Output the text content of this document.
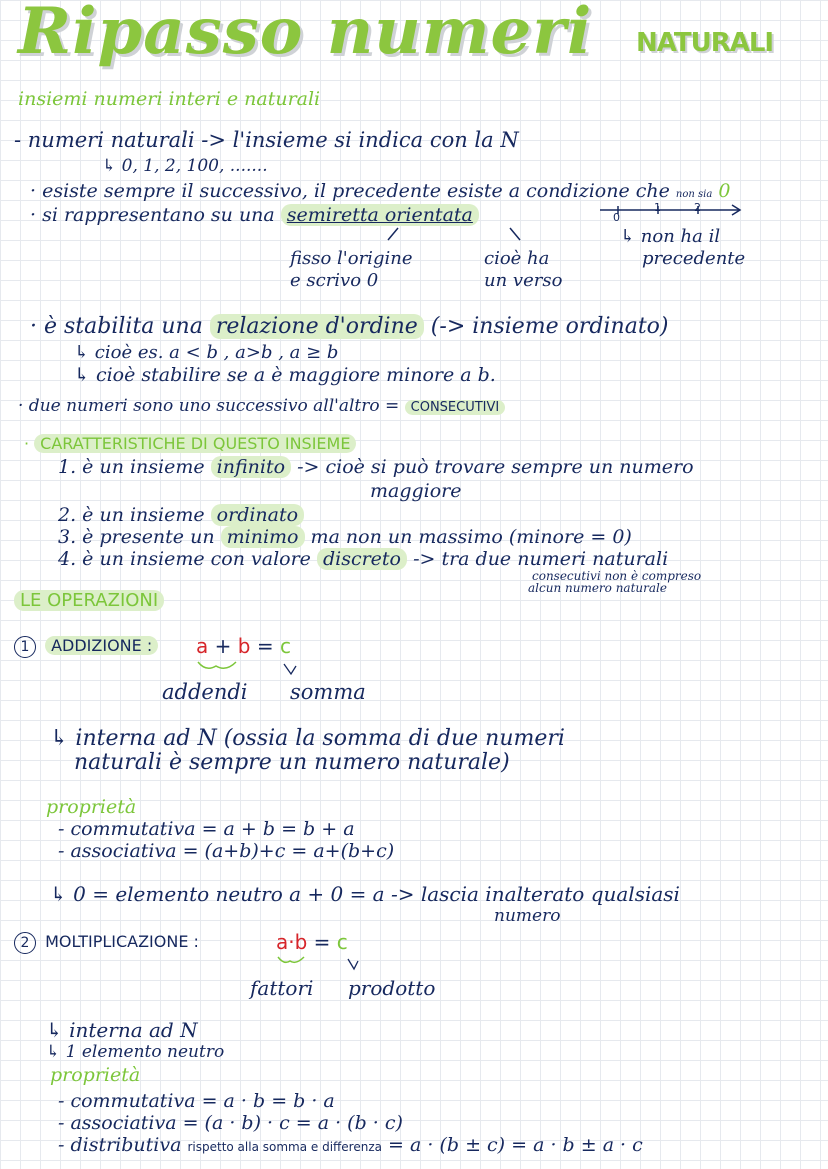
Ripasso numeri NATURALI
insiemi numeri interi e naturali
- numeri naturali -> l'insieme si indica con la N
↳ 0, 1, 2, 100, .......
· esiste sempre il successivo, il precedente esiste a condizione che non sia 0
· si rappresentano su una semiretta orientata	0
1	2
fisso l'origine
e scrivo 0
cioè ha
un verso
↳ non ha il
precedente
· è stabilita una relazione d'ordine (-> insieme ordinato)
↳ cioè es. a < b , a>b , a ≥ b
↳ cioè stabilire se a è maggiore minore a b.
· due numeri sono uno successivo all'altro = CONSECUTIVI
· CARATTERISTICHE DI QUESTO INSIEME
1. è un insieme infinito -> cioè si può trovare sempre un numero
maggiore
2. è un insieme ordinato
3. è presente un minimo ma non un massimo (minore = 0)
4. è un insieme con valore discreto -> tra due numeri naturali
consecutivi non è compreso
alcun numero naturale
LE OPERAZIONI
1 ADDIZIONE :	a + b = c
addendi somma
↳ interna ad N (ossia la somma di due numeri
naturali è sempre un numero naturale)
proprietà
- commutativa = a + b = b + a
- associativa = (a+b)+c = a+(b+c)
↳ 0 = elemento neutro a + 0 = a -> lascia inalterato qualsiasi
numero
2 MOLTIPLICAZIONE :	a·b = c
fattori prodotto
↳ interna ad N
↳ 1 elemento neutro
proprietà
- commutativa = a · b = b · a
- associativa = (a · b) · c = a · (b · c)
- distributiva rispetto alla somma e differenza = a · (b ± c) = a · b ± a · c
